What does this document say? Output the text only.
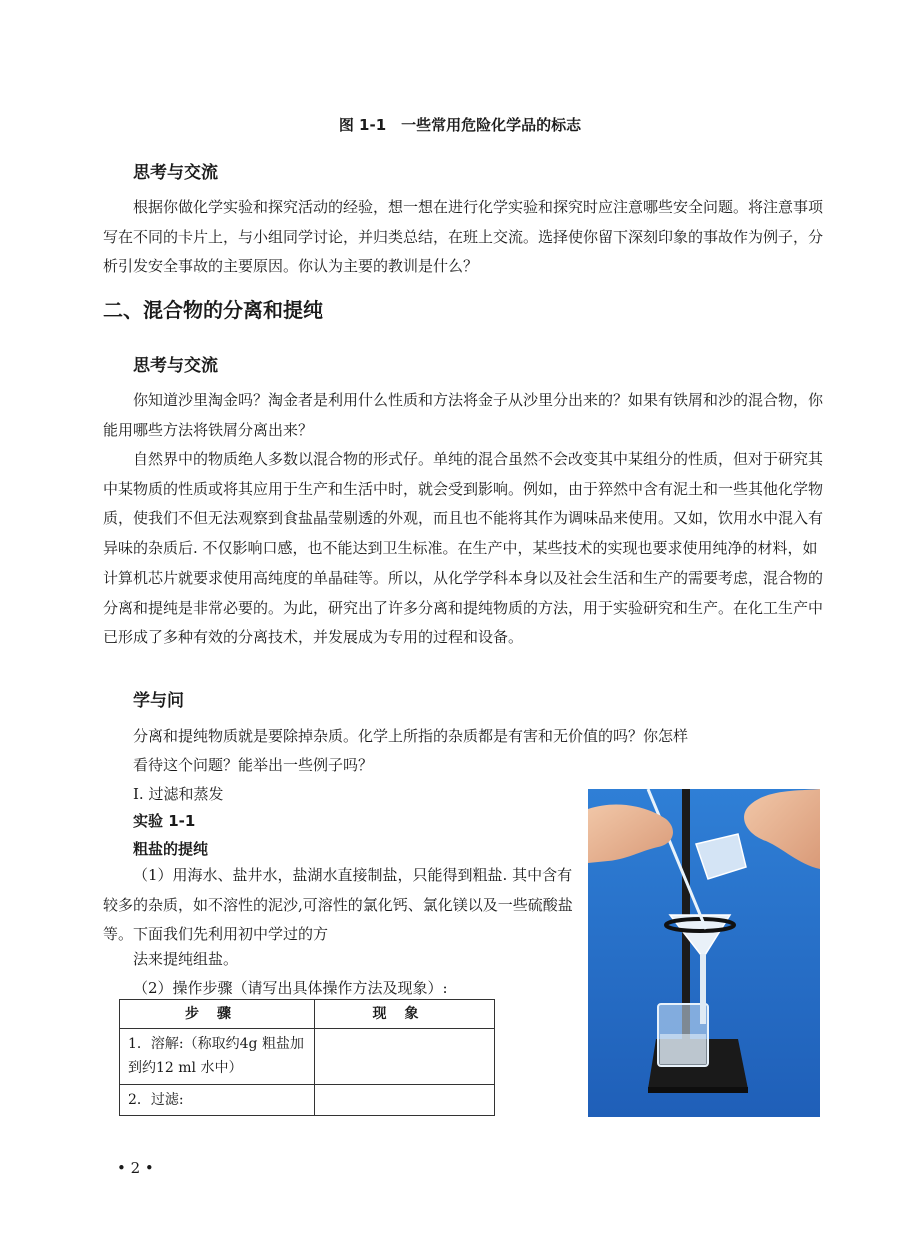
图 1-1　一些常用危险化学品的标志
思考与交流

根据你做化学实验和探究活动的经验，想一想在进行化学实验和探究时应注意哪些安全问题。将注意事项写在不同的卡片上，与小组同学讨论，并归类总结，在班上交流。选择使你留下深刻印象的事故作为例子，分析引发安全事故的主要原因。你认为主要的教训是什么？

二、混合物的分离和提纯
思考与交流

你知道沙里淘金吗？淘金者是利用什么性质和方法将金子从沙里分出来的？如果有铁屑和沙的混合物，你能用哪些方法将铁屑分离出来？

自然界中的物质绝人多数以混合物的形式仔。单纯的混合虽然不会改变其中某组分的性质，但对于研究其中某物质的性质或将其应用于生产和生活中时，就会受到影响。例如，由于猝然中含有泥土和一些其他化学物质，使我们不但无法观察到食盐晶莹剔透的外观，而且也不能将其作为调味品来使用。又如，饮用水中混入有异味的杂质后. 不仅影响口感，也不能达到卫生标准。在生产中，某些技术的实现也要求使用纯净的材料，如计算机芯片就要求使用高纯度的单晶硅等。所以，从化学学科本身以及社会生活和生产的需要考虑，混合物的分离和提纯是非常必要的。为此，研究出了许多分离和提纯物质的方法，用于实验研究和生产。在化工生产中已形成了多种有效的分离技术，并发展成为专用的过程和设备。

学与问
分离和提纯物质就是要除掉杂质。化学上所指的杂质都是有害和无价值的吗？你怎样
看待这个问题？能举出一些例子吗？
I. 过滤和蒸发
实验 1-1
粗盐的提纯

（1）用海水、盐井水，盐湖水直接制盐，只能得到粗盐. 其中含有较多的杂质，如不溶性的泥沙,可溶性的氯化钙、氯化镁以及一些硫酸盐等。下面我们先利用初中学过的方

法来提纯组盐。
（2）操作步骤（请写出具体操作方法及现象）:
步骤	现象
1．溶解:（称取约4g 粗盐加到约12 ml 水中）	
2．过滤:	
• 2 •
